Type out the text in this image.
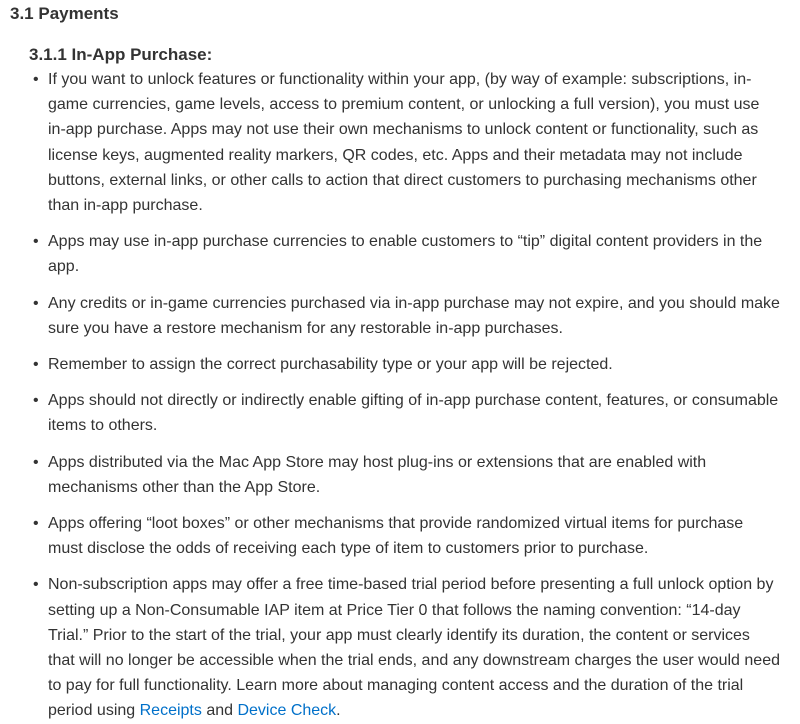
3.1 Payments
3.1.1 In-App Purchase:
• If you want to unlock features or functionality within your app, (by way of example: subscriptions, in-game currencies, game levels, access to premium content, or unlocking a full version), you must use in-app purchase. Apps may not use their own mechanisms to unlock content or functionality, such as license keys, augmented reality markers, QR codes, etc. Apps and their metadata may not include buttons, external links, or other calls to action that direct customers to purchasing mechanisms other than in-app purchase.
• Apps may use in-app purchase currencies to enable customers to “tip” digital content providers in the app.
• Any credits or in-game currencies purchased via in-app purchase may not expire, and you should make sure you have a restore mechanism for any restorable in-app purchases.
• Remember to assign the correct purchasability type or your app will be rejected.
• Apps should not directly or indirectly enable gifting of in-app purchase content, features, or consumable items to others.
• Apps distributed via the Mac App Store may host plug-ins or extensions that are enabled with mechanisms other than the App Store.
• Apps offering “loot boxes” or other mechanisms that provide randomized virtual items for purchase must disclose the odds of receiving each type of item to customers prior to purchase.
• Non-subscription apps may offer a free time-based trial period before presenting a full unlock option by setting up a Non-Consumable IAP item at Price Tier 0 that follows the naming convention: “14-day Trial.” Prior to the start of the trial, your app must clearly identify its duration, the content or services that will no longer be accessible when the trial ends, and any downstream charges the user would need to pay for full functionality. Learn more about managing content access and the duration of the trial period using Receipts and Device Check.
